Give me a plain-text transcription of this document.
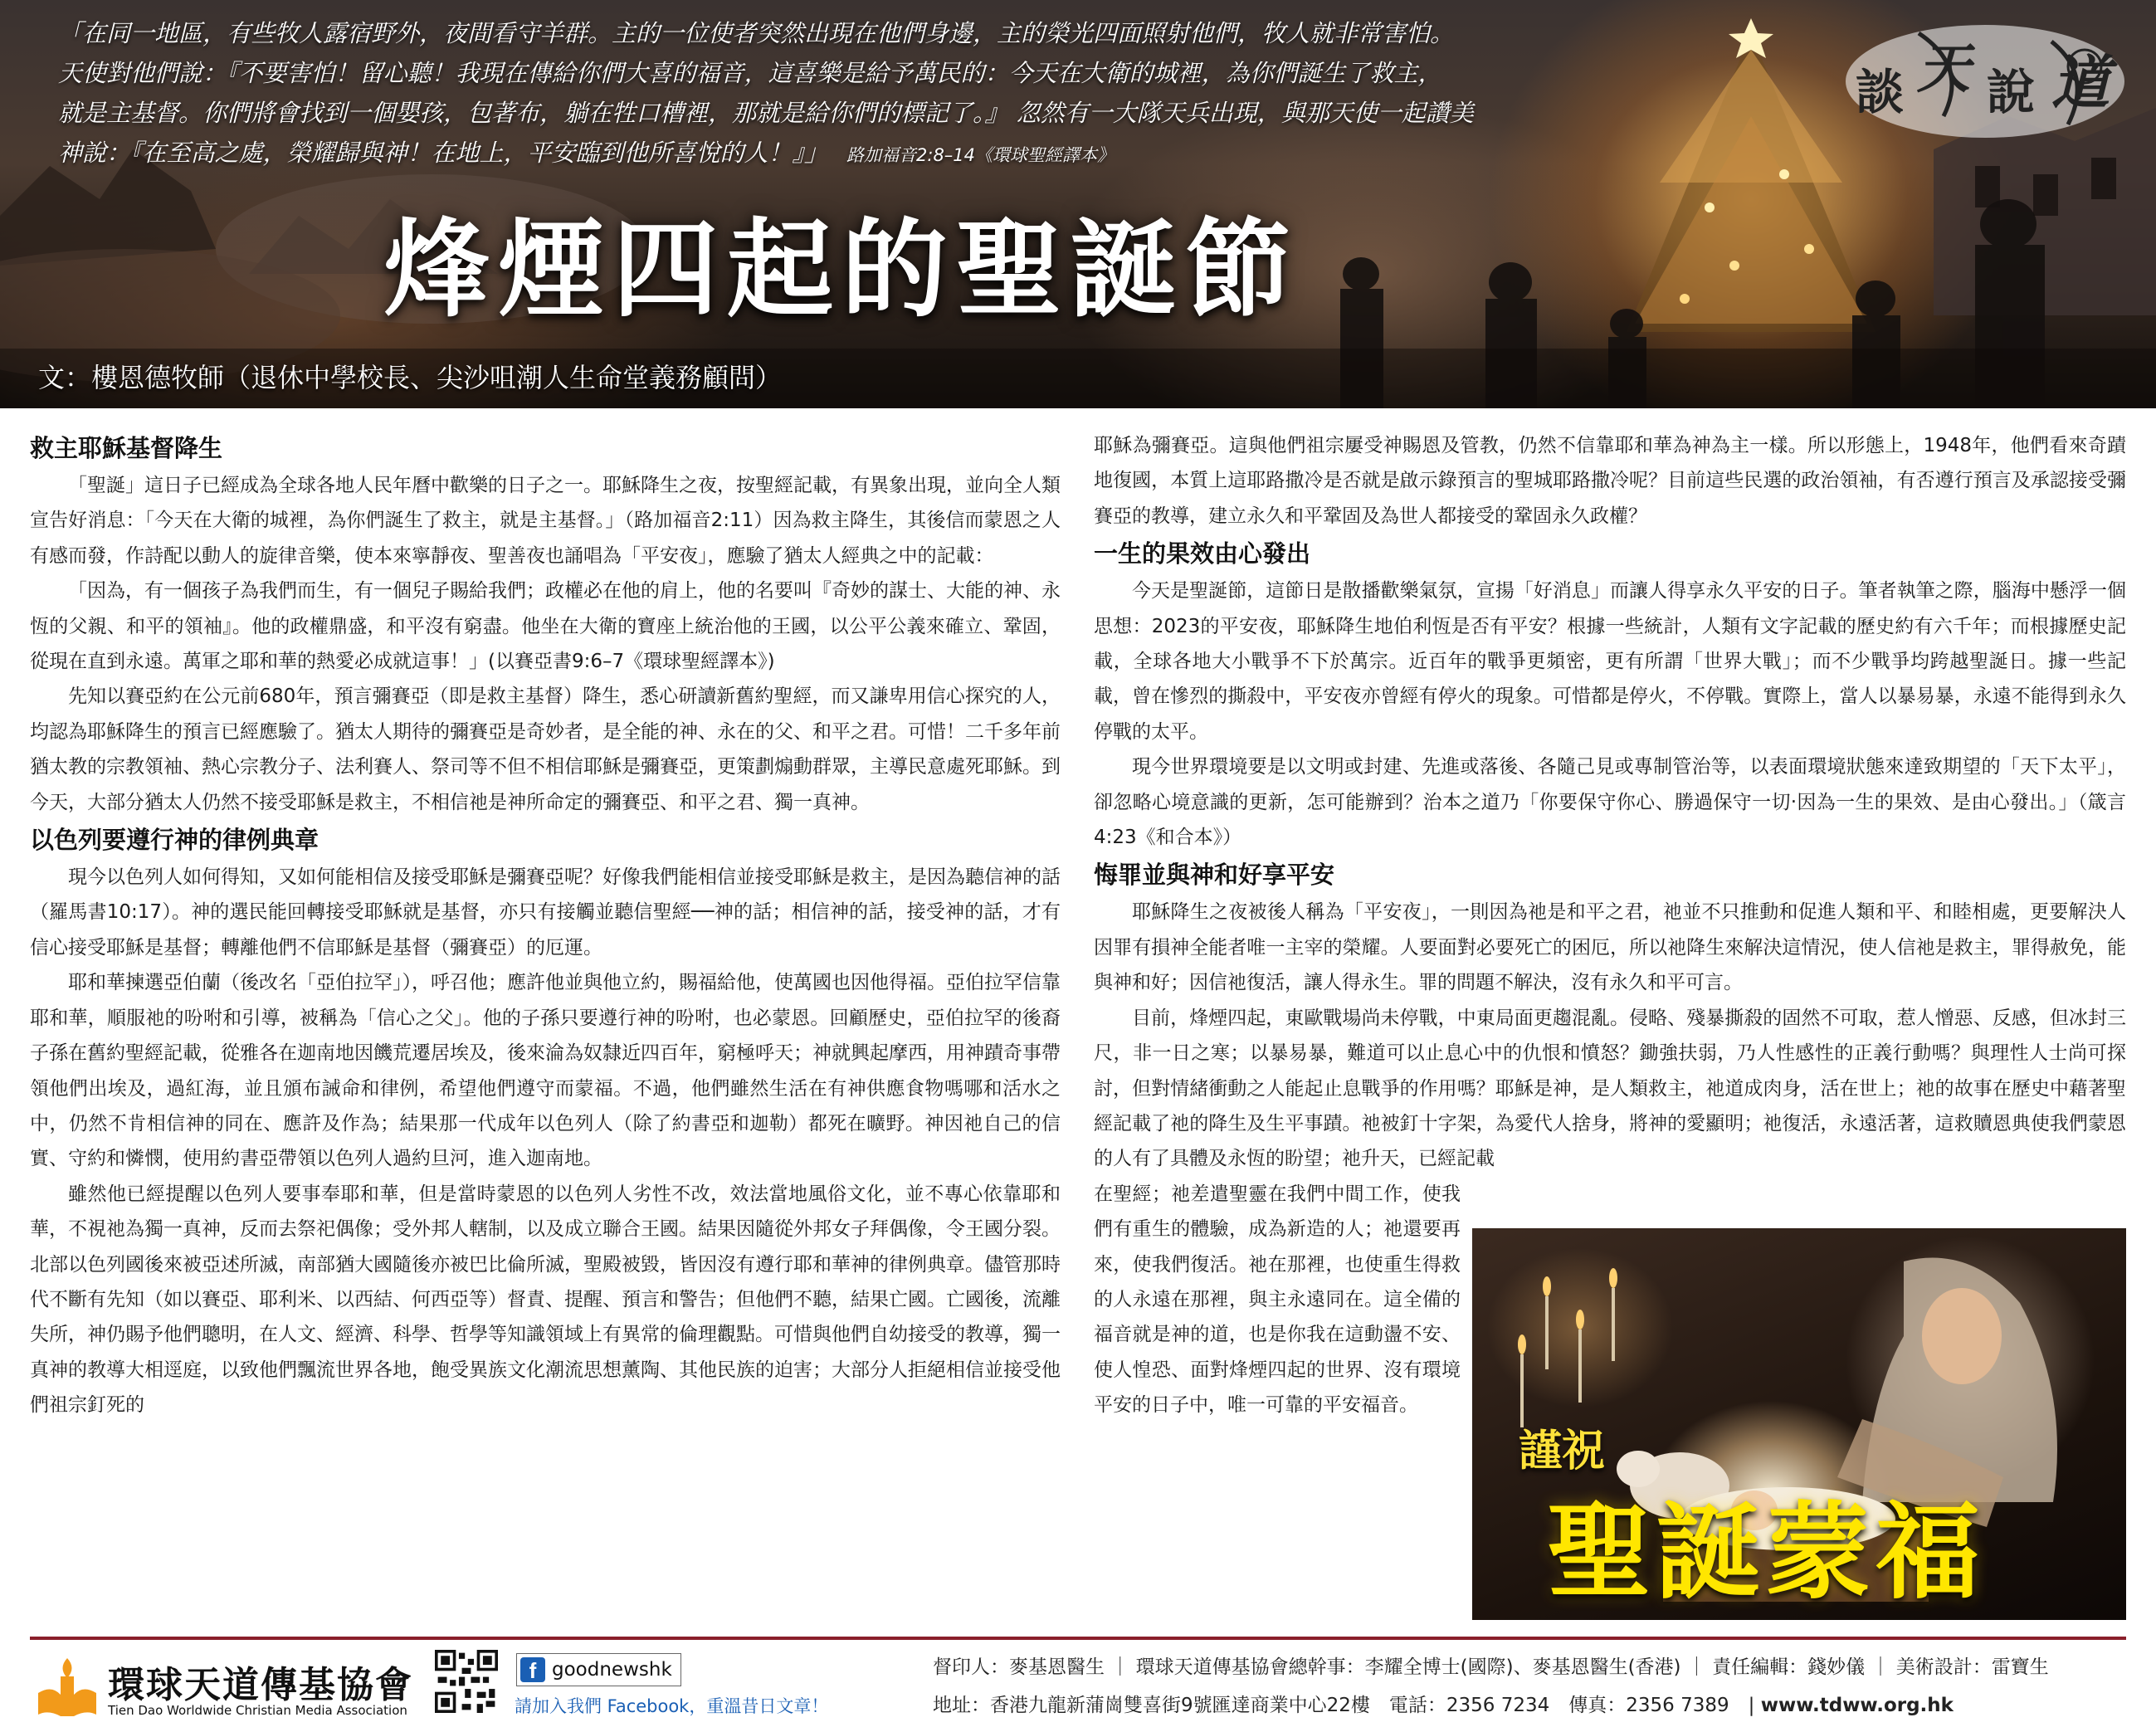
「在同一地區，有些牧人露宿野外，夜間看守羊群。主的一位使者突然出現在他們身邊，主的榮光四面照射他們，牧人就非常害怕。
天使對他們說：『不要害怕！留心聽！我現在傳給你們大喜的福音，這喜樂是給予萬民的：今天在大衛的城裡，為你們誕生了救主，
就是主基督。你們將會找到一個嬰孩，包著布，躺在牲口槽裡，那就是給你們的標記了。』 忽然有一大隊天兵出現，與那天使一起讚美
神說：『在至高之處，榮耀歸與神！在地上，平安臨到他所喜悅的人！』」 路加福音2:8–14《環球聖經譯本》
談 天 說 道
烽煙四起的聖誕節
文：樓恩德牧師（退休中學校長、尖沙咀潮人生命堂義務顧問）
救主耶穌基督降生

「聖誕」這日子已經成為全球各地人民年曆中歡樂的日子之一。耶穌降生之夜，按聖經記載，有異象出現，並向全人類宣告好消息：「今天在大衛的城裡，為你們誕生了救主，就是主基督。」（路加福音2:11）因為救主降生，其後信而蒙恩之人有感而發，作詩配以動人的旋律音樂，使本來寧靜夜、聖善夜也誦唱為「平安夜」，應驗了猶太人經典之中的記載：

「因為，有一個孩子為我們而生，有一個兒子賜給我們；政權必在他的肩上，他的名要叫『奇妙的謀士、大能的神、永恆的父親、和平的領袖』。他的政權鼎盛，和平沒有窮盡。他坐在大衛的寶座上統治他的王國，以公平公義來確立、鞏固，從現在直到永遠。萬軍之耶和華的熱愛必成就這事！」(以賽亞書9:6–7《環球聖經譯本》)

先知以賽亞約在公元前680年，預言彌賽亞（即是救主基督）降生，悉心研讀新舊約聖經，而又謙卑用信心探究的人，均認為耶穌降生的預言已經應驗了。猶太人期待的彌賽亞是奇妙者，是全能的神、永在的父、和平之君。可惜！二千多年前猶太教的宗教領袖、熱心宗教分子、法利賽人、祭司等不但不相信耶穌是彌賽亞，更策劃煽動群眾，主導民意處死耶穌。到今天，大部分猶太人仍然不接受耶穌是救主，不相信祂是神所命定的彌賽亞、和平之君、獨一真神。

以色列要遵行神的律例典章

現今以色列人如何得知，又如何能相信及接受耶穌是彌賽亞呢？好像我們能相信並接受耶穌是救主，是因為聽信神的話（羅馬書10:17）。神的選民能回轉接受耶穌就是基督，亦只有接觸並聽信聖經──神的話；相信神的話，接受神的話，才有信心接受耶穌是基督；轉離他們不信耶穌是基督（彌賽亞）的厄運。

耶和華揀選亞伯蘭（後改名「亞伯拉罕」），呼召他；應許他並與他立約，賜福給他，使萬國也因他得福。亞伯拉罕信靠耶和華，順服祂的吩咐和引導，被稱為「信心之父」。他的子孫只要遵行神的吩咐，也必蒙恩。回顧歷史，亞伯拉罕的後裔子孫在舊約聖經記載，從雅各在迦南地因饑荒遷居埃及，後來淪為奴隸近四百年，窮極呼天；神就興起摩西，用神蹟奇事帶領他們出埃及，過紅海，並且頒布誡命和律例，希望他們遵守而蒙福。不過，他們雖然生活在有神供應食物嗎哪和活水之中，仍然不肯相信神的同在、應許及作為；結果那一代成年以色列人（除了約書亞和迦勒）都死在曠野。神因祂自己的信實、守約和憐憫，使用約書亞帶領以色列人過約旦河，進入迦南地。

雖然他已經提醒以色列人要事奉耶和華，但是當時蒙恩的以色列人劣性不改，效法當地風俗文化，並不專心依靠耶和華，不視祂為獨一真神，反而去祭祀偶像；受外邦人轄制，以及成立聯合王國。結果因隨從外邦女子拜偶像，令王國分裂。北部以色列國後來被亞述所滅，南部猶大國隨後亦被巴比倫所滅，聖殿被毀，皆因沒有遵行耶和華神的律例典章。儘管那時代不斷有先知（如以賽亞、耶利米、以西結、何西亞等）督責、提醒、預言和警告；但他們不聽，結果亡國。亡國後，流離失所，神仍賜予他們聰明，在人文、經濟、科學、哲學等知識領域上有異常的倫理觀點。可惜與他們自幼接受的教導，獨一真神的教導大相逕庭，以致他們飄流世界各地，飽受異族文化潮流思想薰陶、其他民族的迫害；大部分人拒絕相信並接受他們祖宗釘死的

耶穌為彌賽亞。這與他們祖宗屢受神賜恩及管教，仍然不信靠耶和華為神為主一樣。所以形態上，1948年，他們看來奇蹟地復國，本質上這耶路撒冷是否就是啟示錄預言的聖城耶路撒冷呢？目前這些民選的政治領袖，有否遵行預言及承認接受彌賽亞的教導，建立永久和平鞏固及為世人都接受的鞏固永久政權？

一生的果效由心發出

今天是聖誕節，這節日是散播歡樂氣氛，宣揚「好消息」而讓人得享永久平安的日子。筆者執筆之際，腦海中懸浮一個思想：2023的平安夜，耶穌降生地伯利恆是否有平安？根據一些統計，人類有文字記載的歷史約有六千年；而根據歷史記載，全球各地大小戰爭不下於萬宗。近百年的戰爭更頻密，更有所謂「世界大戰」；而不少戰爭均跨越聖誕日。據一些記載，曾在慘烈的撕殺中，平安夜亦曾經有停火的現象。可惜都是停火，不停戰。實際上，當人以暴易暴，永遠不能得到永久停戰的太平。

現今世界環境要是以文明或封建、先進或落後、各隨己見或專制管治等，以表面環境狀態來達致期望的「天下太平」，卻忽略心境意識的更新，怎可能辦到？治本之道乃「你要保守你心、勝過保守一切‧因為一生的果效、是由心發出。」（箴言4:23《和合本》）

悔罪並與神和好享平安

耶穌降生之夜被後人稱為「平安夜」，一則因為祂是和平之君，祂並不只推動和促進人類和平、和睦相處，更要解決人因罪有損神全能者唯一主宰的榮耀。人要面對必要死亡的困厄，所以祂降生來解決這情況，使人信祂是救主，罪得赦免，能與神和好；因信祂復活，讓人得永生。罪的問題不解決，沒有永久和平可言。

目前，烽煙四起，東歐戰場尚未停戰，中東局面更趨混亂。侵略、殘暴撕殺的固然不可取，惹人憎惡、反感，但冰封三尺，非一日之寒；以暴易暴，難道可以止息心中的仇恨和憤怒？鋤強扶弱，乃人性感性的正義行動嗎？與理性人士尚可探討，但對情緒衝動之人能起止息戰爭的作用嗎？耶穌是神，是人類救主，祂道成肉身，活在世上；祂的故事在歷史中藉著聖經記載了祂的降生及生平事蹟。祂被釘十字架，為愛代人捨身，將神的愛顯明；祂復活，永遠活著，這救贖恩典使我們蒙恩的人有了具體及永恆的盼望；祂升天，已經記載

在聖經；祂差遣聖靈在我們中間工作，使我們有重生的體驗，成為新造的人；祂還要再來，使我們復活。祂在那裡，也使重生得救的人永遠在那裡，與主永遠同在。這全備的福音就是神的道，也是你我在這動盪不安、使人惶恐、面對烽煙四起的世界、沒有環境平安的日子中，唯一可靠的平安福音。

謹祝
聖誕蒙福
環球天道傳基協會
Tien Dao Worldwide Christian Media Association
f goodnewshk
請加入我們 Facebook，重溫昔日文章！
督印人：麥基恩醫生 ｜ 環球天道傳基協會總幹事：李耀全博士(國際)、麥基恩醫生(香港) ｜ 責任編輯：錢妙儀 ｜ 美術設計：雷寶生
地址：香港九龍新蒲崗雙喜街9號匯達商業中心22樓　電話：2356 7234　傳真：2356 7389　| www.tdww.org.hk
